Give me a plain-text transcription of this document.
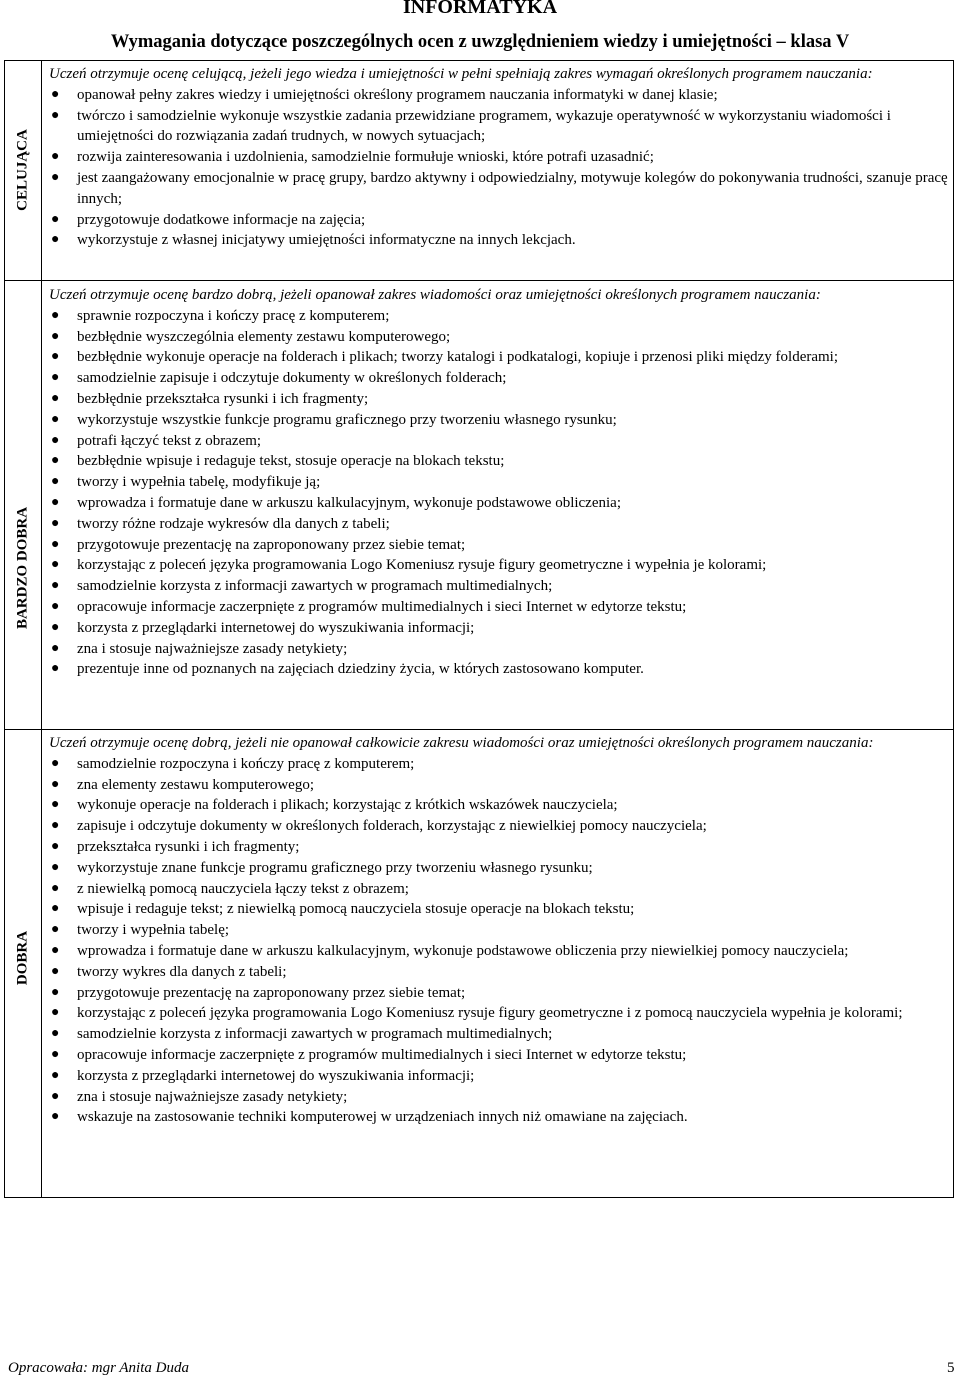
INFORMATYKA
Wymagania dotyczące poszczególnych ocen z uwzględnieniem wiedzy i umiejętności – klasa V
CELUJĄCA
Uczeń otrzymuje ocenę celującą, jeżeli jego wiedza i umiejętności w pełni spełniają zakres wymagań określonych programem nauczania:
● opanował pełny zakres wiedzy i umiejętności określony programem nauczania informatyki w danej klasie;
● twórczo i samodzielnie wykonuje wszystkie zadania przewidziane programem, wykazuje operatywność w wykorzystaniu wiadomości i umiejętności do rozwiązania zadań trudnych, w nowych sytuacjach;
● rozwija zainteresowania i uzdolnienia, samodzielnie formułuje wnioski, które potrafi uzasadnić;
● jest zaangażowany emocjonalnie w pracę grupy, bardzo aktywny i odpowiedzialny, motywuje kolegów do pokonywania trudności, szanuje pracę innych;
● przygotowuje dodatkowe informacje na zajęcia;
● wykorzystuje z własnej inicjatywy umiejętności informatyczne na innych lekcjach.
BARDZO DOBRA
Uczeń otrzymuje ocenę bardzo dobrą, jeżeli opanował zakres wiadomości oraz umiejętności określonych programem nauczania:
● sprawnie rozpoczyna i kończy pracę z komputerem;
● bezbłędnie wyszczególnia elementy zestawu komputerowego;
● bezbłędnie wykonuje operacje na folderach i plikach; tworzy katalogi i podkatalogi, kopiuje i przenosi pliki między folderami;
● samodzielnie zapisuje i odczytuje dokumenty w określonych folderach;
● bezbłędnie przekształca rysunki i ich fragmenty;
● wykorzystuje wszystkie funkcje programu graficznego przy tworzeniu własnego rysunku;
● potrafi łączyć tekst z obrazem;
● bezbłędnie wpisuje i redaguje tekst, stosuje operacje na blokach tekstu;
● tworzy i wypełnia tabelę, modyfikuje ją;
● wprowadza i formatuje dane w arkuszu kalkulacyjnym, wykonuje podstawowe obliczenia;
● tworzy różne rodzaje wykresów dla danych z tabeli;
● przygotowuje prezentację na zaproponowany przez siebie temat;
● korzystając z poleceń języka programowania Logo Komeniusz rysuje figury geometryczne i wypełnia je kolorami;
● samodzielnie korzysta z informacji zawartych w programach multimedialnych;
● opracowuje informacje zaczerpnięte z programów multimedialnych i sieci Internet w edytorze tekstu;
● korzysta z przeglądarki internetowej do wyszukiwania informacji;
● zna i stosuje najważniejsze zasady netykiety;
● prezentuje inne od poznanych na zajęciach dziedziny życia, w których zastosowano komputer.
DOBRA
Uczeń otrzymuje ocenę dobrą, jeżeli nie opanował całkowicie zakresu wiadomości oraz umiejętności określonych programem nauczania:
● samodzielnie rozpoczyna i kończy pracę z komputerem;
● zna elementy zestawu komputerowego;
● wykonuje operacje na folderach i plikach; korzystając z krótkich wskazówek nauczyciela;
● zapisuje i odczytuje dokumenty w określonych folderach, korzystając z niewielkiej pomocy nauczyciela;
● przekształca rysunki i ich fragmenty;
● wykorzystuje znane funkcje programu graficznego przy tworzeniu własnego rysunku;
● z niewielką pomocą nauczyciela łączy tekst z obrazem;
● wpisuje i redaguje tekst; z niewielką pomocą nauczyciela stosuje operacje na blokach tekstu;
● tworzy i wypełnia tabelę;
● wprowadza i formatuje dane w arkuszu kalkulacyjnym, wykonuje podstawowe obliczenia przy niewielkiej pomocy nauczyciela;
● tworzy wykres dla danych z tabeli;
● przygotowuje prezentację na zaproponowany przez siebie temat;
● korzystając z poleceń języka programowania Logo Komeniusz rysuje figury geometryczne i z pomocą nauczyciela wypełnia je kolorami;
● samodzielnie korzysta z informacji zawartych w programach multimedialnych;
● opracowuje informacje zaczerpnięte z programów multimedialnych i sieci Internet w edytorze tekstu;
● korzysta z przeglądarki internetowej do wyszukiwania informacji;
● zna i stosuje najważniejsze zasady netykiety;
● wskazuje na zastosowanie techniki komputerowej w urządzeniach innych niż omawiane na zajęciach.
Opracowała: mgr Anita Duda	5
